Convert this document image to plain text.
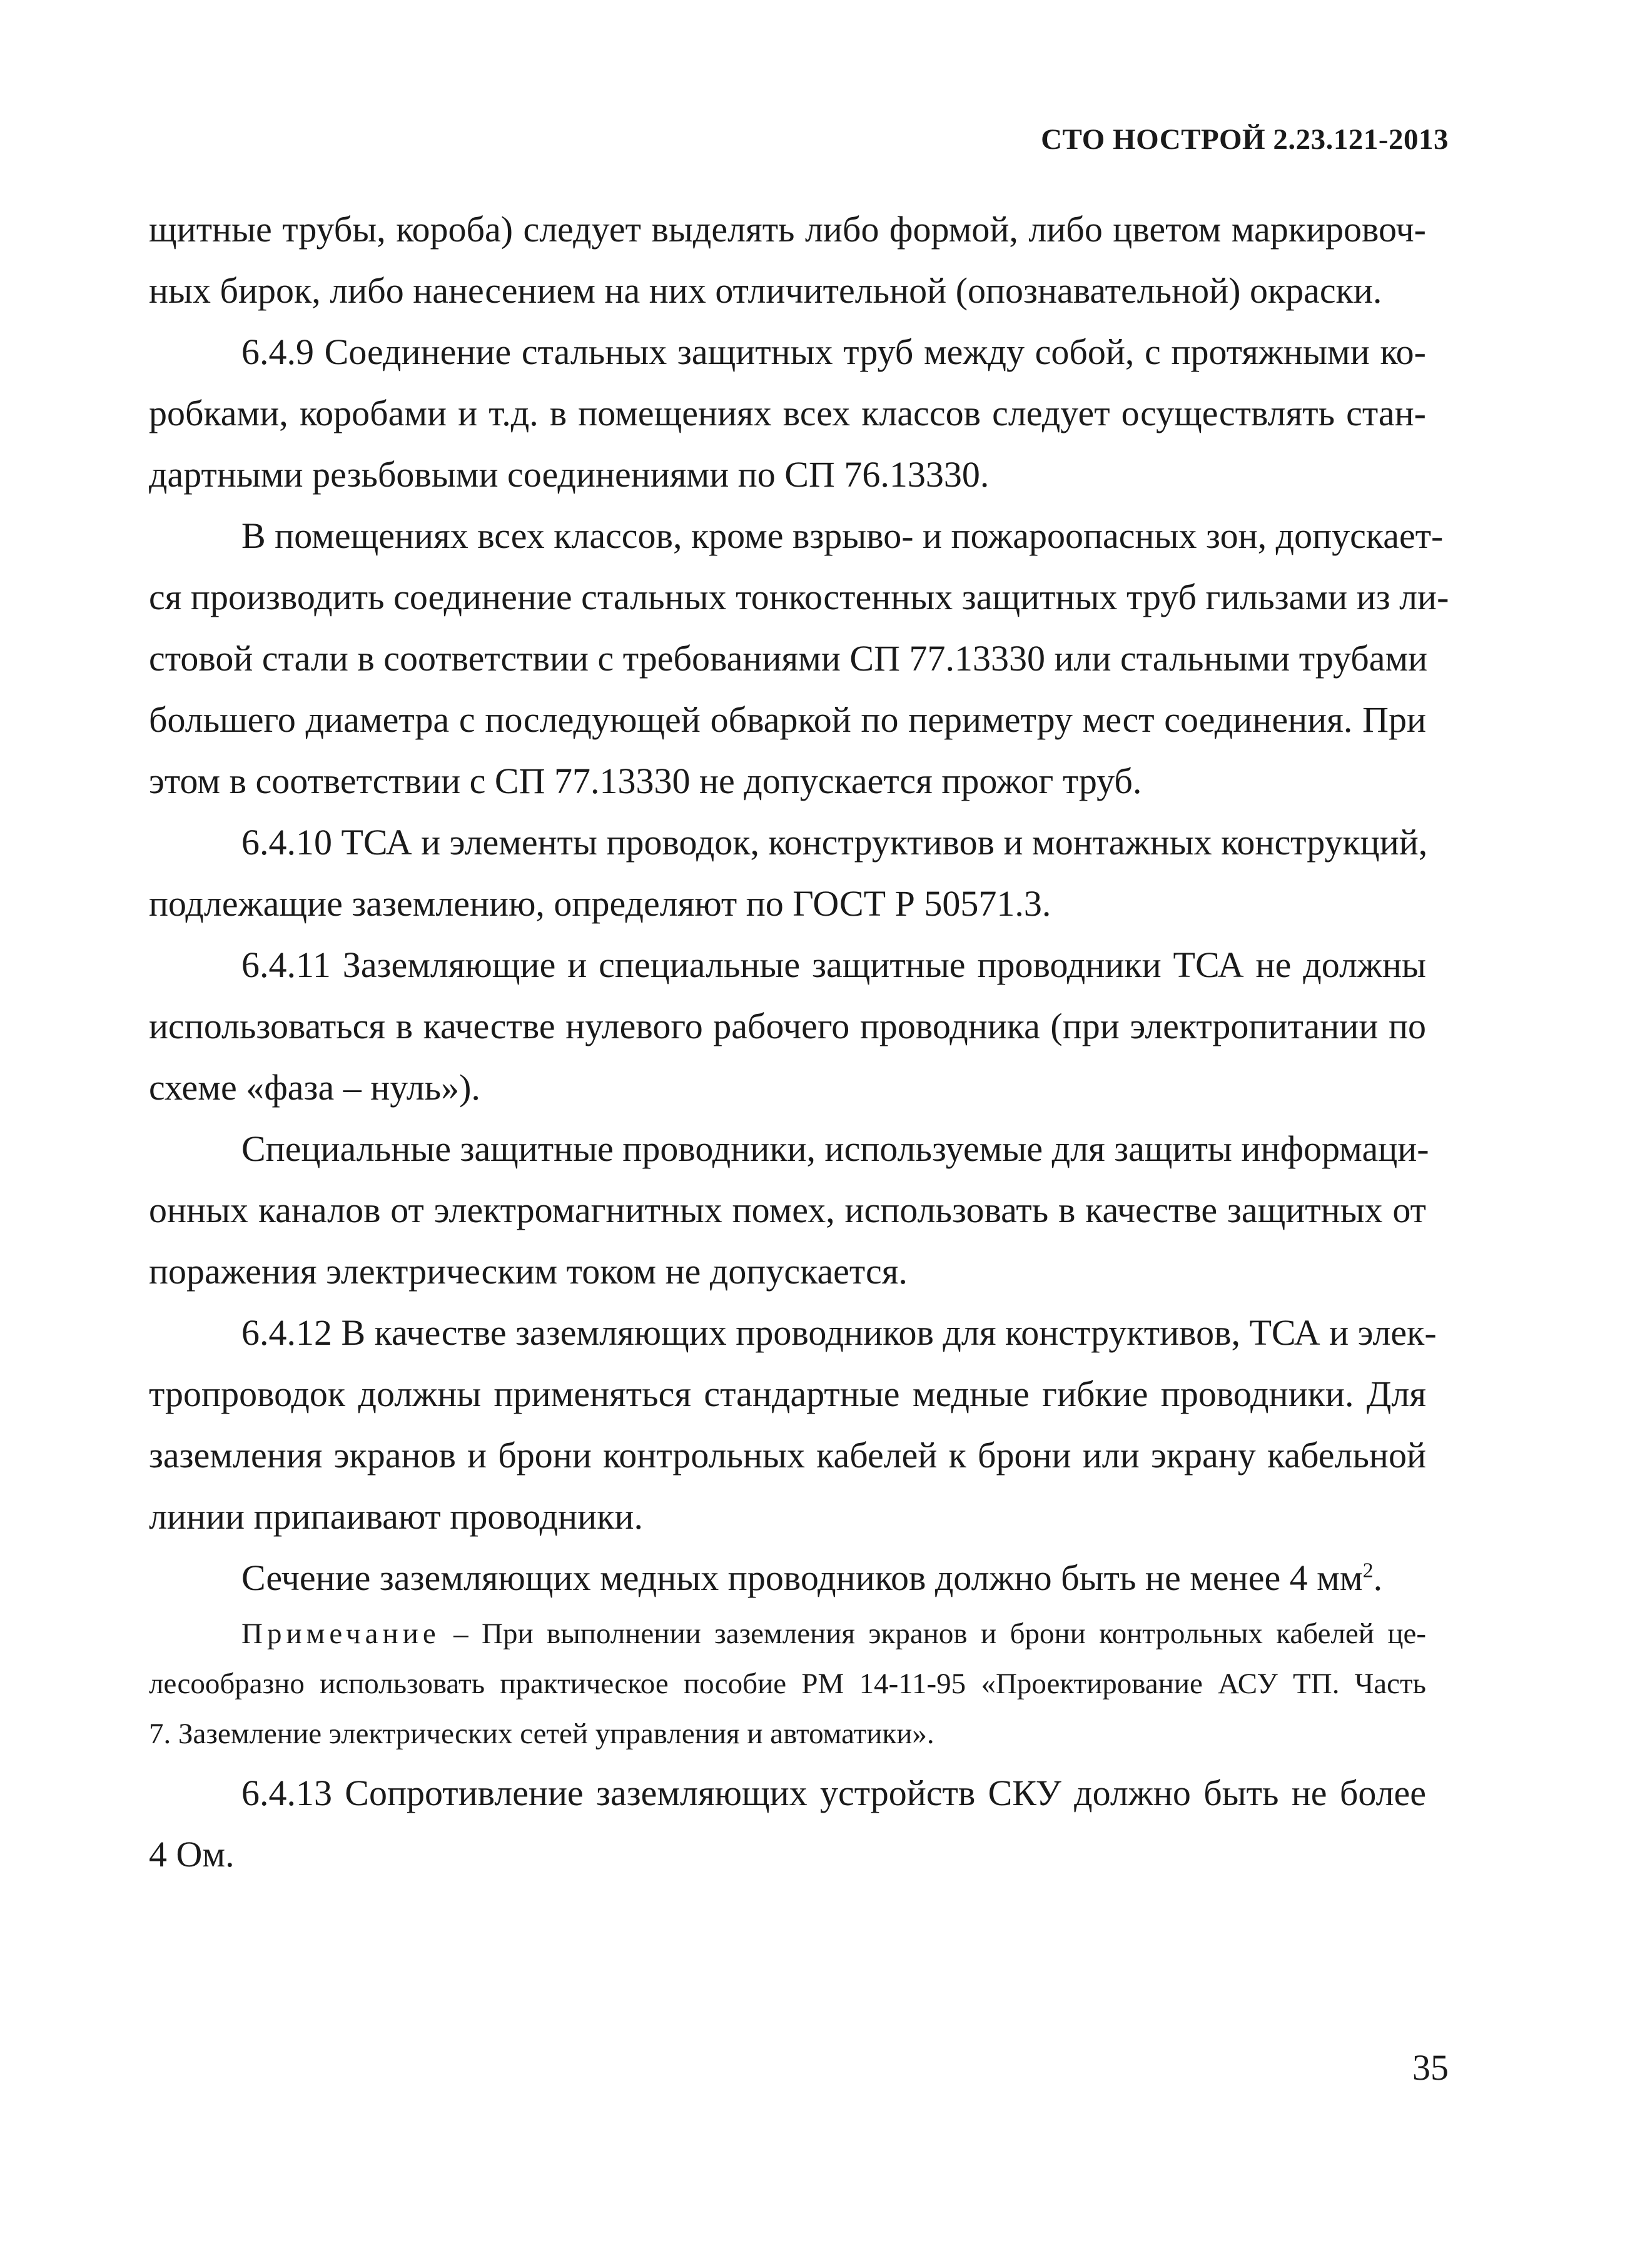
СТО НОСТРОЙ 2.23.121-2013

щитные трубы, короба) следует выделять либо формой, либо цветом маркировоч-
ных бирок, либо нанесением на них отличительной (опознавательной) окраски.

6.4.9 Соединение стальных защитных труб между собой, с протяжными ко-
робками, коробами и т.д. в помещениях всех классов следует осуществлять стан-
дартными резьбовыми соединениями по СП 76.13330.

В помещениях всех классов, кроме взрыво- и пожароопасных зон, допускает-
ся производить соединение стальных тонкостенных защитных труб гильзами из ли-
стовой стали в соответствии с требованиями СП 77.13330 или стальными трубами
большего диаметра с последующей обваркой по периметру мест соединения. При
этом в соответствии с СП 77.13330 не допускается прожог труб.

6.4.10 ТСА и элементы проводок, конструктивов и монтажных конструкций,
подлежащие заземлению, определяют по ГОСТ Р 50571.3.

6.4.11 Заземляющие и специальные защитные проводники ТСА не должны
использоваться в качестве нулевого рабочего проводника (при электропитании по
схеме «фаза – нуль»).

Специальные защитные проводники, используемые для защиты информаци-
онных каналов от электромагнитных помех, использовать в качестве защитных от
поражения электрическим током не допускается.

6.4.12 В качестве заземляющих проводников для конструктивов, ТСА и элек-
тропроводок должны применяться стандартные медные гибкие проводники. Для
заземления экранов и брони контрольных кабелей к брони или экрану кабельной
линии припаивают проводники.

Сечение заземляющих медных проводников должно быть не менее 4 $мм^2$.

Примечание – При выполнении заземления экранов и брони контрольных кабелей це-
лесообразно использовать практическое пособие РМ 14-11-95 «Проектирование АСУ ТП. Часть
7. Заземление электрических сетей управления и автоматики».

6.4.13 Сопротивление заземляющих устройств СКУ должно быть не более
4 Ом.

35
